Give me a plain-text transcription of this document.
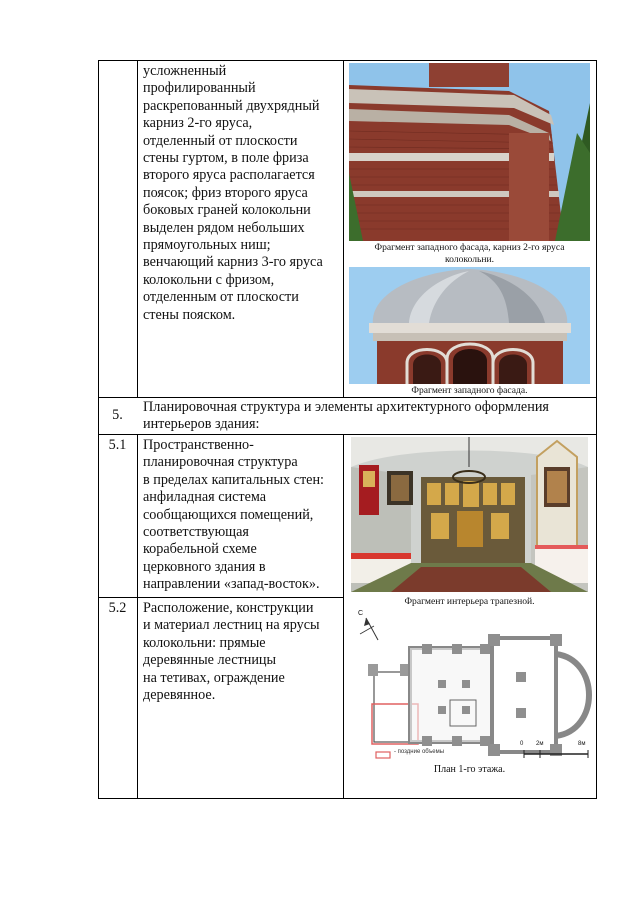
усложненный
профилированный
раскрепованный двухрядный
карниз 2-го яруса,
отделенный от плоскости
стены гуртом, в поле фриза
второго яруса располагается
поясок; фриз второго яруса
боковых граней колокольни
выделен рядом небольших
прямоугольных ниш;
венчающий карниз 3-го яруса
колокольни с фризом,
отделенным от плоскости
стены пояском.
Фрагмент западного фасада, карниз 2-го яруса колокольни.
Фрагмент западного фасада.
5.	Планировочная структура и элементы архитектурного оформления
интерьеров здания:
5.1	Пространственно-
планировочная структура
в пределах капитальных стен:
анфиладная система
сообщающихся помещений,
соответствующая
корабельной схеме
церковного здания в
направлении «запад-восток».
Фрагмент интерьера трапезной.
5.2	Расположение, конструкции
и материал лестниц на ярусы
колокольни: прямые
деревянные лестницы
на тетивах, ограждение
деревянное.
С
- поздние объемы
0 2м	8м
План 1-го этажа.
